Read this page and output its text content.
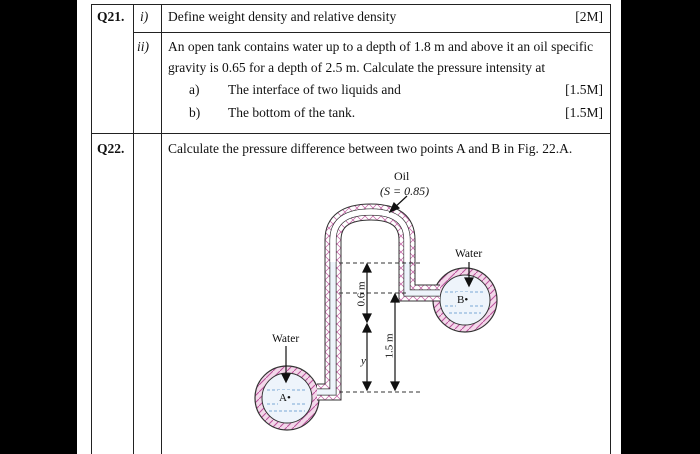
Q21. i) Define weight density and relative density	[2M]
ii) An open tank contains water up to a depth of 1.8 m and above it an oil specific
gravity is 0.65 for a depth of 2.5 m. Calculate the pressure intensity at
a) The interface of two liquids and	[1.5M]
b) The bottom of the tank.	[1.5M]
Q22.	Calculate the pressure difference between two points A and B in Fig. 22.A.
Oil
(S = 0.85)
Water
Water
B•
A•
0.6 m
1.5 m
y
